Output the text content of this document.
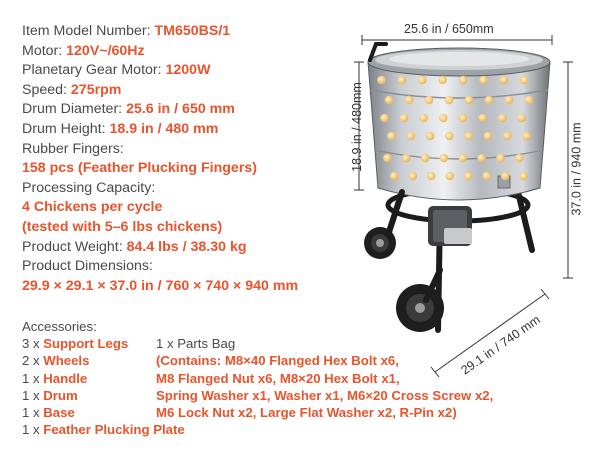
Item Model Number: TM650BS/1
Motor: 120V~/60Hz
Planetary Gear Motor: 1200W
Speed: 275rpm
Drum Diameter: 25.6 in / 650 mm
Drum Height: 18.9 in / 480 mm
Rubber Fingers:
158 pcs (Feather Plucking Fingers)
Processing Capacity:
4 Chickens per cycle
(tested with 5–6 lbs chickens)
Product Weight: 84.4 lbs / 38.30 kg
Product Dimensions:
29.9 × 29.1 × 37.0 in / 760 × 740 × 940 mm
Accessories:
3 x Support Legs
2 x Wheels
1 x Handle
1 x Drum
1 x Base
1 x Feather Plucking Plate
1 x Parts Bag
(Contains: M8×40 Flanged Hex Bolt x6,
M8 Flanged Nut x6, M8×20 Hex Bolt x1,
Spring Washer x1, Washer x1, M6×20 Cross Screw x2,
M6 Lock Nut x2, Large Flat Washer x2, R-Pin x2)
25.6 in / 650mm
18.9 in / 480mm	37.0 in / 940 mm
29.1 in / 740 mm
